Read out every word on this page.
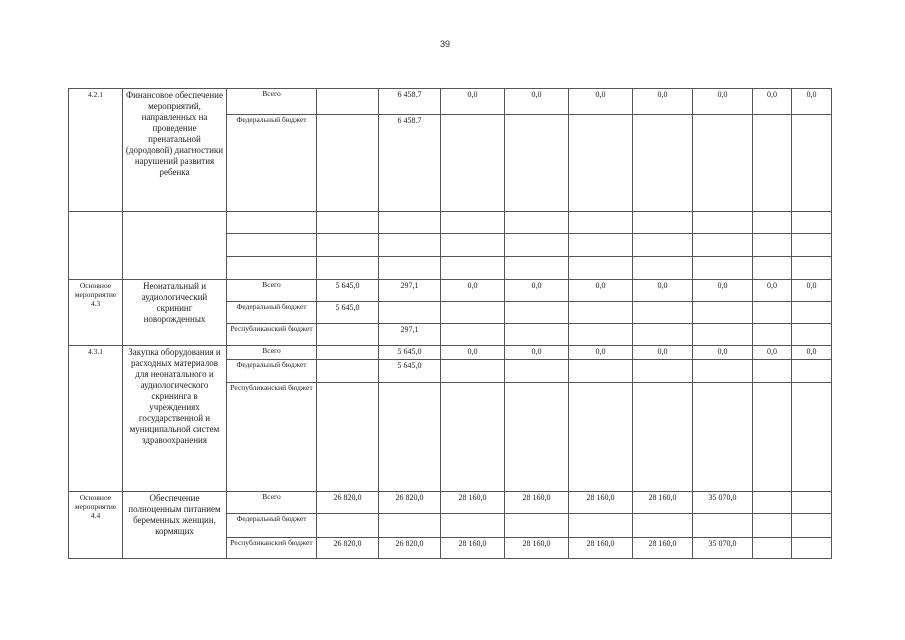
39
4.2.1	Финансовое обеспечение мероприятий, направленных на проведение пренатальной (дородовой) диагностики нарушений развития ребенка	Всего		6 458.7	0,0	0,0	0,0	0,0	0,0	0,0	0,0
		Федеральный бюджет		6 458.7							

Основное мероприятие 4.3	Неонатальный и аудиологический скрининг новорожденных	Всего	5 645,0	297,1	0,0	0,0	0,0	0,0	0,0	0,0	0,0
		Федеральный бюджет	5 645,0								
		Республиканский бюджет		297,1							
4.3.1	Закупка оборудования и расходных материалов для неонатального и аудиологического скрининга в учреждениях государственной и муниципальной систем здравоохранения	Всего		5 645,0	0,0	0,0	0,0	0,0	0,0	0,0	0,0
		Федеральный бюджет		5 645,0							
		Республиканский бюджет									
Основное мероприятие 4.4	Обеспечение полноценным питанием беременных женщин, кормящих	Всего	26 820,0	26 820,0	28 160,0	28 160,0	28 160,0	28 160,0	35 070,0		
		Федеральный бюджет									
		Республиканский бюджет	26 820,0	26 820,0	28 160,0	28 160,0	28 160,0	28 160,0	35 070,0		
